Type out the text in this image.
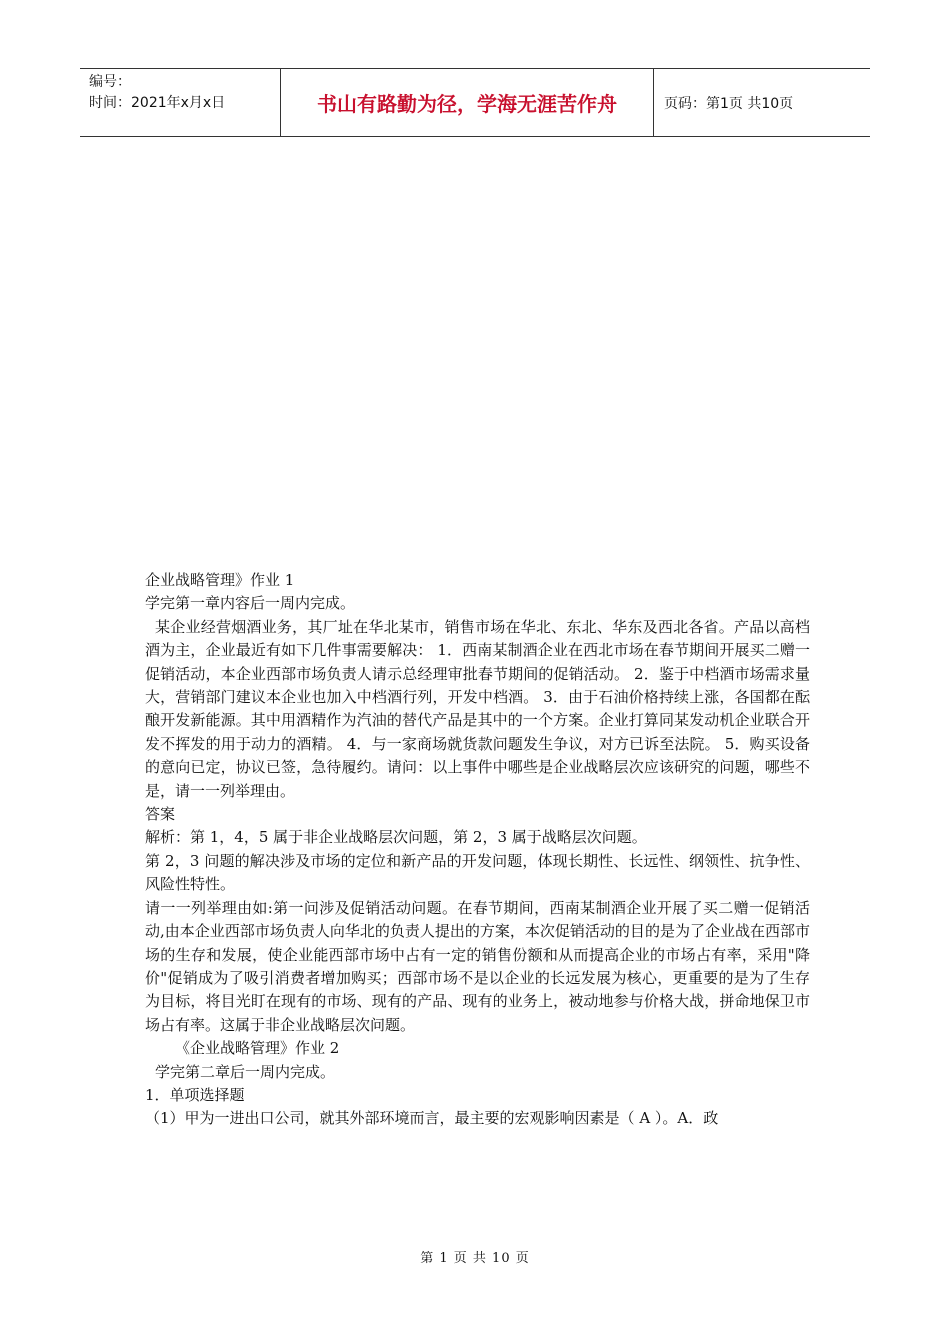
编号：
时间：2021年x月x日	书山有路勤为径，学海无涯苦作舟	页码：第1页 共10页

企业战略管理》作业 1

学完第一章内容后一周内完成。

某企业经营烟酒业务，其厂址在华北某市，销售市场在华北、东北、华东及西北各省。产品以高档酒为主，企业最近有如下几件事需要解决： 1．西南某制酒企业在西北市场在春节期间开展买二赠一促销活动，本企业西部市场负责人请示总经理审批春节期间的促销活动。 2．鉴于中档酒市场需求量大，营销部门建议本企业也加入中档酒行列，开发中档酒。 3．由于石油价格持续上涨，各国都在酝酿开发新能源。其中用酒精作为汽油的替代产品是其中的一个方案。企业打算同某发动机企业联合开发不挥发的用于动力的酒精。 4．与一家商场就货款问题发生争议，对方已诉至法院。 5．购买设备的意向已定，协议已签，急待履约。请问：以上事件中哪些是企业战略层次应该研究的问题，哪些不是，请一一列举理由。

答案

解析：第 1，4，5 属于非企业战略层次问题，第 2，3 属于战略层次问题。

第 2，3 问题的解决涉及市场的定位和新产品的开发问题，体现长期性、长远性、纲领性、抗争性、风险性特性。

请一一列举理由如:第一问涉及促销活动问题。在春节期间，西南某制酒企业开展了买二赠一促销活动,由本企业西部市场负责人向华北的负责人提出的方案，本次促销活动的目的是为了企业战在西部市场的生存和发展，使企业能西部市场中占有一定的销售份额和从而提高企业的市场占有率，采用"降价"促销成为了吸引消费者增加购买；西部市场不是以企业的长远发展为核心，更重要的是为了生存为目标，将目光盯在现有的市场、现有的产品、现有的业务上，被动地参与价格大战，拼命地保卫市场占有率。这属于非企业战略层次问题。

《企业战略管理》作业 2

学完第二章后一周内完成。

1．单项选择题

（1）甲为一进出口公司，就其外部环境而言，最主要的宏观影响因素是（ A ）。A．政

第 1 页 共 10 页
